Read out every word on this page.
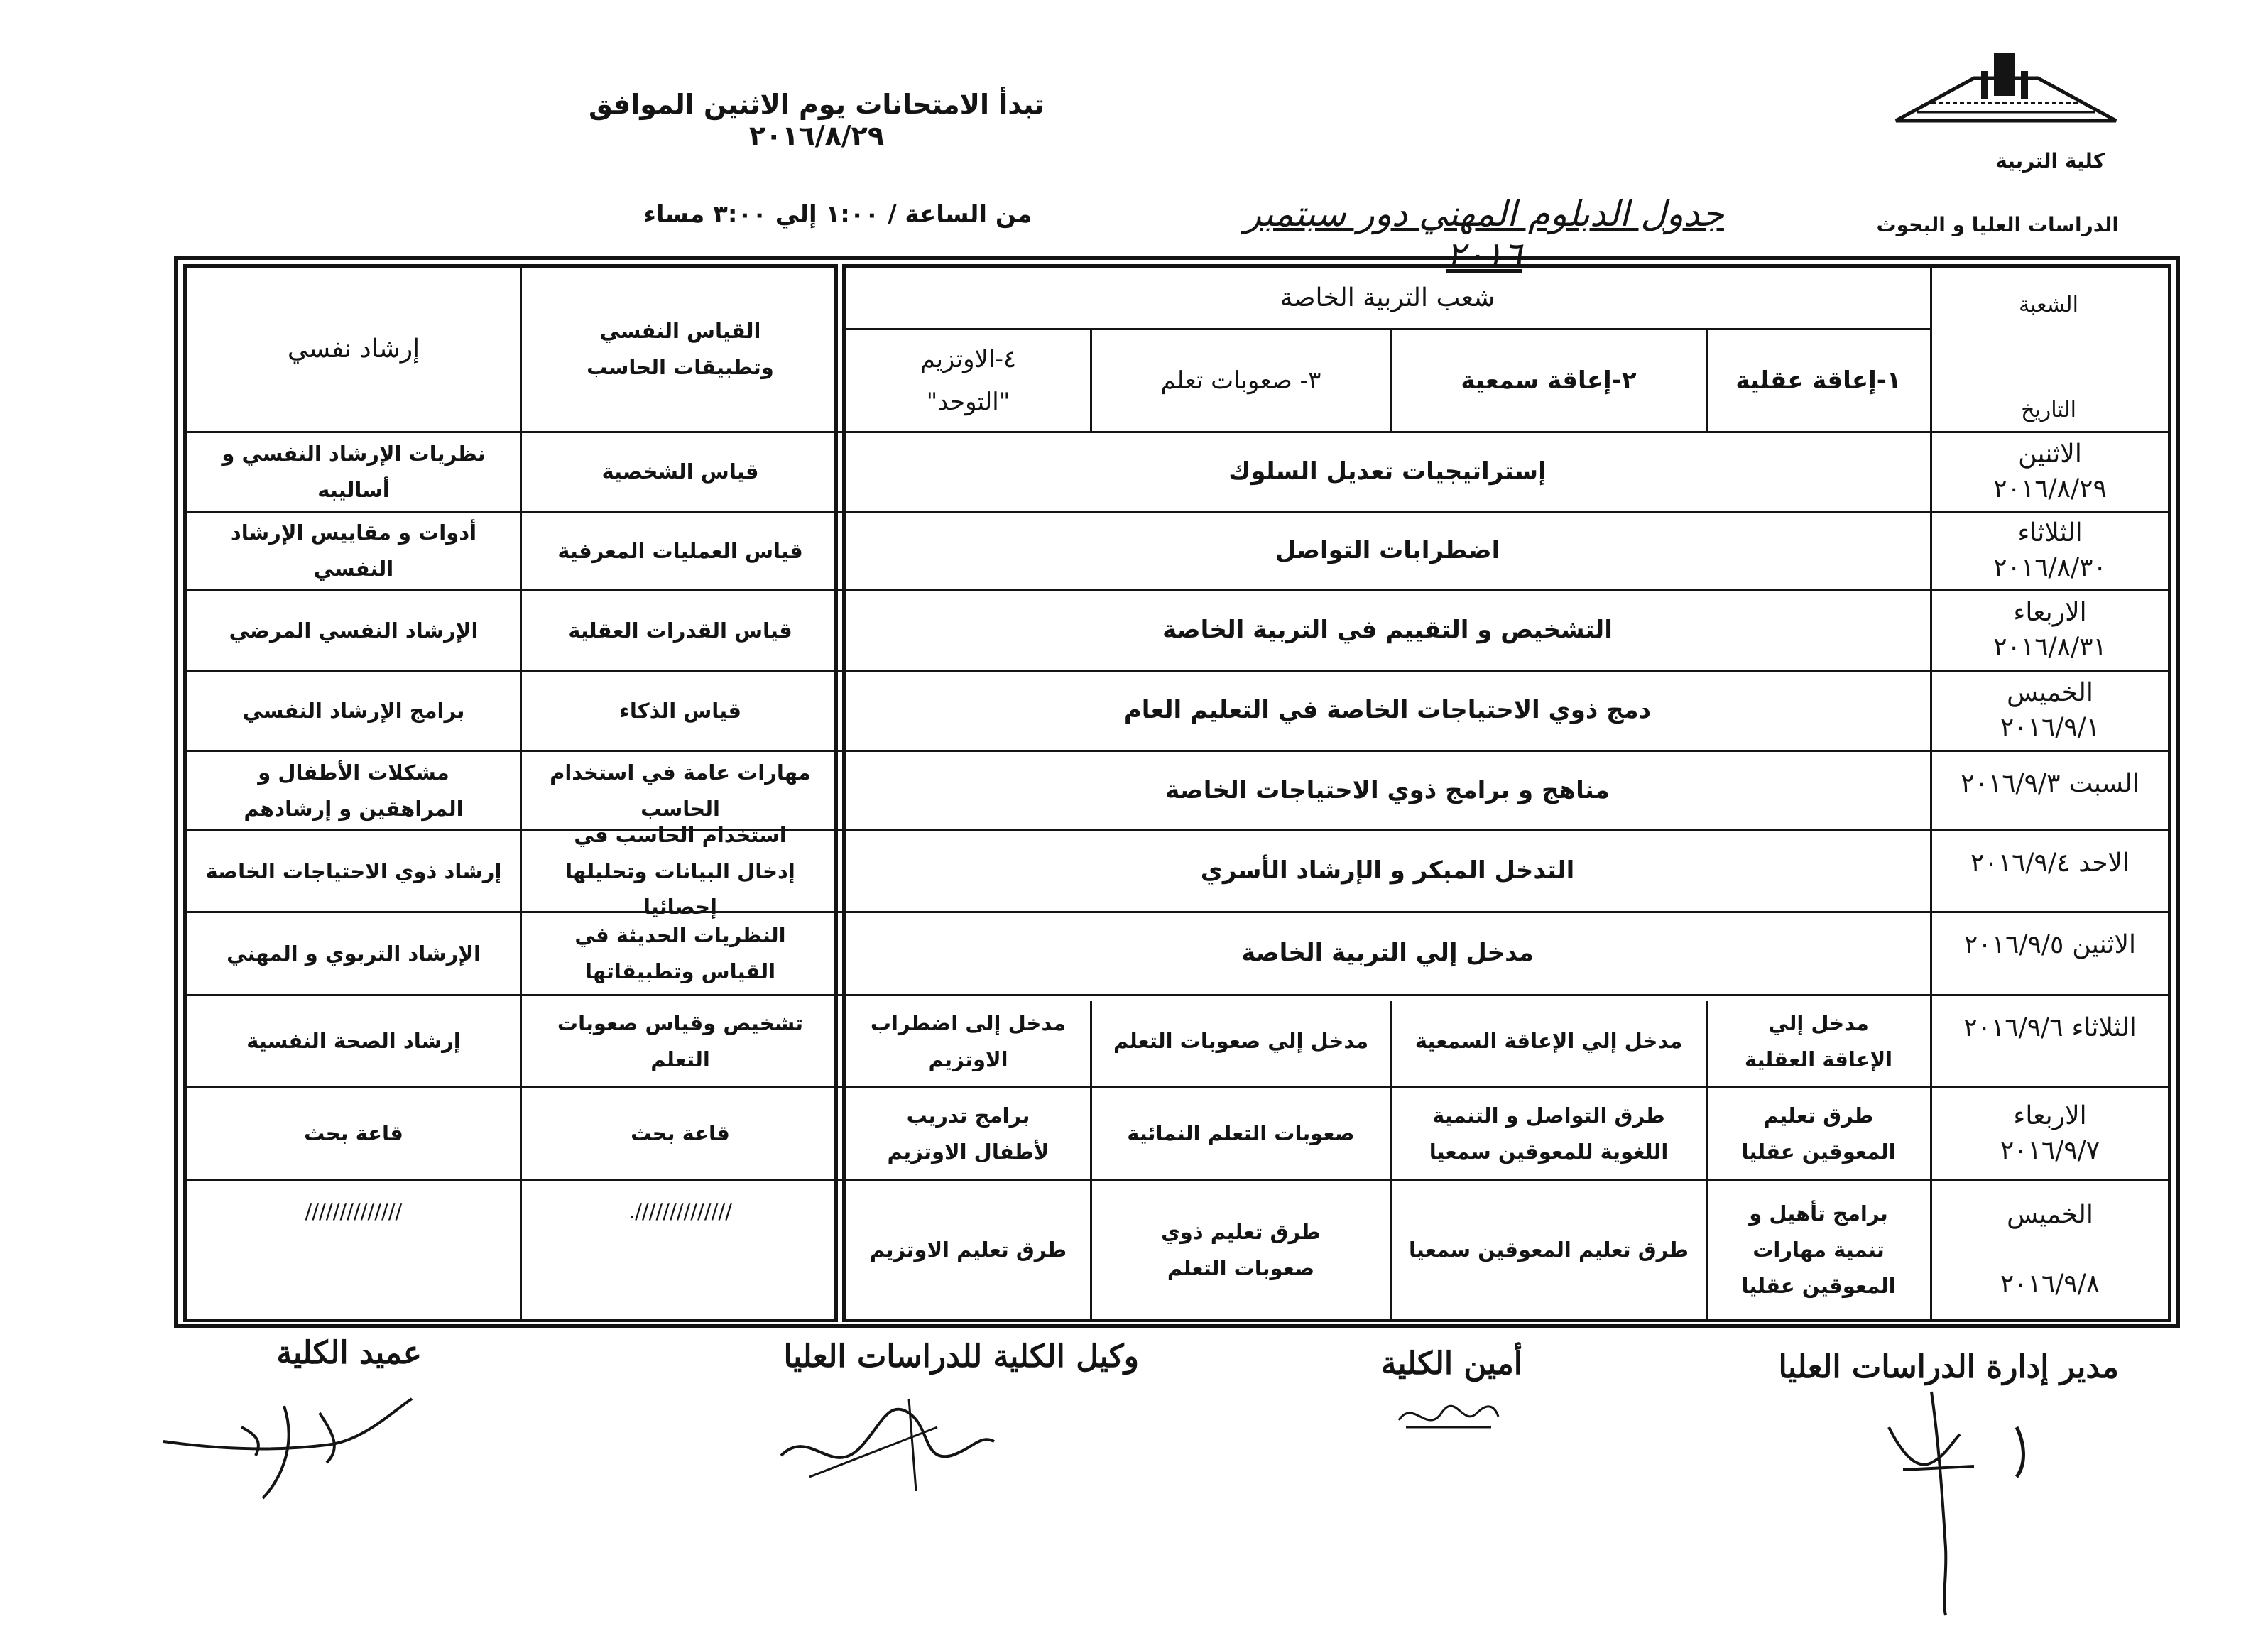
كلية التربية
الدراسات العليا و البحوث
تبدأ الامتحانات يوم الاثنين الموافق ٢٠١٦/٨/٢٩
جدول الدبلوم المهني دور سبتمبر ٢٠١٦
من الساعة / ١:٠٠ إلي ٣:٠٠ مساء
الشعبة
التاريخ
شعب التربية الخاصة
١-إعاقة عقلية
٢-إعاقة سمعية
٣- صعوبات تعلم
٤-الاوتزيم "التوحد"
القياس النفسي وتطبيقات الحاسب
إرشاد نفسي
الاثنين
٢٠١٦/٨/٢٩
الثلاثاء
٢٠١٦/٨/٣٠
الاربعاء
٢٠١٦/٨/٣١
الخميس
٢٠١٦/٩/١
السبت
٢٠١٦/٩/٣
الاحد
٢٠١٦/٩/٤
الاثنين
٢٠١٦/٩/٥
الثلاثاء
٢٠١٦/٩/٦
الاربعاء
٢٠١٦/٩/٧
الخميس
٢٠١٦/٩/٨
إستراتيجيات تعديل السلوك
اضطرابات التواصل
التشخيص و التقييم في التربية الخاصة
دمج ذوي الاحتياجات الخاصة في التعليم العام
مناهج و برامج ذوي الاحتياجات الخاصة
التدخل المبكر و الإرشاد الأسري
مدخل إلي التربية الخاصة
مدخل إلي الإعاقة العقلية
مدخل إلي الإعاقة السمعية
مدخل إلي صعوبات التعلم
مدخل إلى اضطراب الاوتزيم
طرق تعليم المعوقين عقليا
طرق التواصل و التنمية اللغوية للمعوقين سمعيا
صعوبات التعلم النمائية
برامج تدريب لأطفال الاوتزيم
برامج تأهيل و تنمية مهارات المعوقين عقليا
طرق تعليم المعوقين سمعيا
طرق تعليم ذوي صعوبات التعلم
طرق تعليم الاوتزيم
قياس الشخصية
قياس العمليات المعرفية
قياس القدرات العقلية
قياس الذكاء
مهارات عامة في استخدام الحاسب
استخدام الحاسب في إدخال البيانات وتحليلها إحصائيا
النظريات الحديثة في القياس وتطبيقاتها
تشخيص وقياس صعوبات التعلم
قاعة بحث
//////////////.
نظريات الإرشاد النفسي و أساليبه
أدوات و مقاييس الإرشاد النفسي
الإرشاد النفسي المرضي
برامج الإرشاد النفسي
مشكلات الأطفال و المراهقين و إرشادهم
إرشاد ذوي الاحتياجات الخاصة
الإرشاد التربوي و المهني
إرشاد الصحة النفسية
قاعة بحث
//////////////
مدير إدارة الدراسات العليا
أمين الكلية
وكيل الكلية للدراسات العليا
عميد الكلية
